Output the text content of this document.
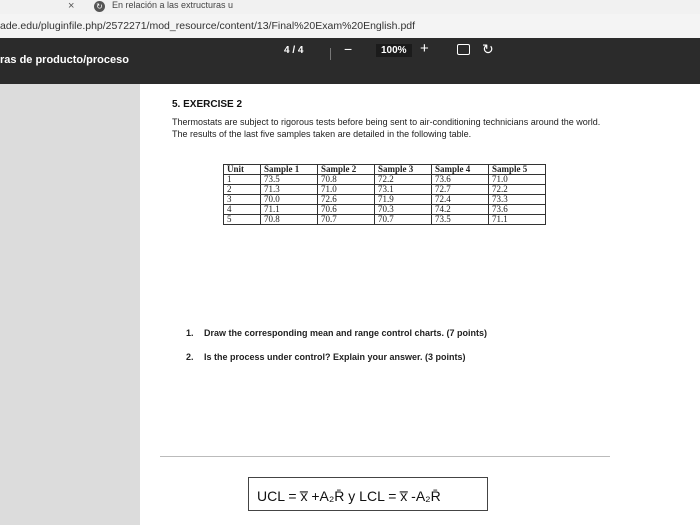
×	↻ En relación a las extructuras u
ade.edu/pluginfile.php/2572271/mod_resource/content/13/Final%20Exam%20English.pdf
ras de producto/proceso
4 / 4	−	100% +	↻
5. EXERCISE 2
Thermostats are subject to rigorous tests before being sent to air-conditioning technicians around the world. The results of the last five samples taken are detailed in the following table.
Unit	Sample 1	Sample 2	Sample 3	Sample 4	Sample 5
1	73.5	70.8	72.2	73.6	71.0
2	71.3	71.0	73.1	72.7	72.2
3	70.0	72.6	71.9	72.4	73.3
4	71.1	70.6	70.3	74.2	73.6
5	70.8	70.7	70.7	73.5	71.1
1. Draw the corresponding mean and range control charts. (7 points)
2. Is the process under control? Explain your answer. (3 points)
UCL = x̿ +A₂R̄ y LCL = x̿ -A₂R̄
